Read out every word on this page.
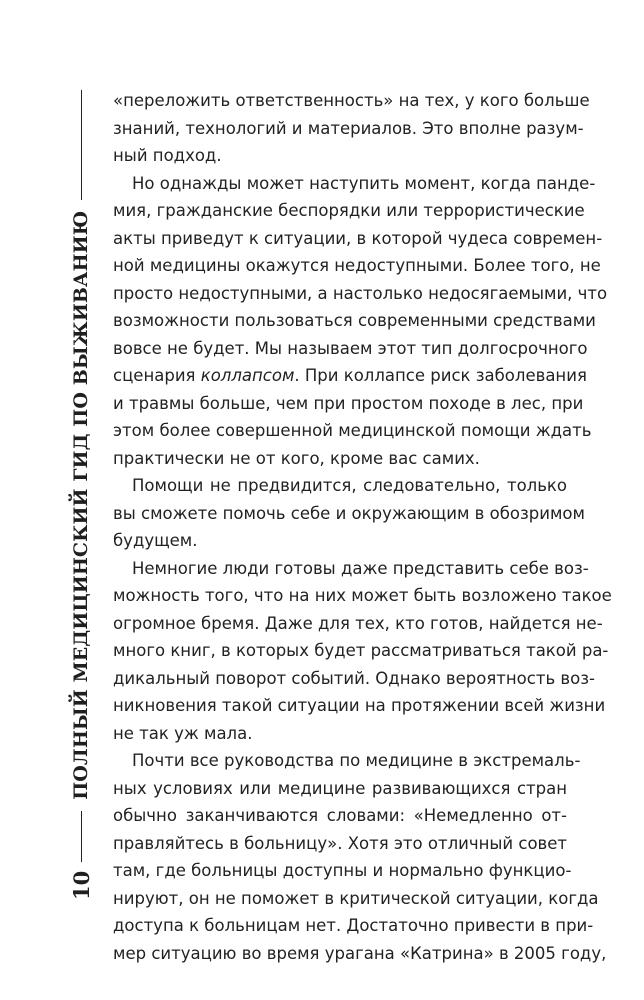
10
ПОЛНЫЙ МЕДИЦИНСКИЙ ГИД ПО ВЫЖИВАНИЮ
«переложить ответственность» на тех, у кого больше
знаний, технологий и материалов. Это вполне разум-
ный подход.
Но однажды может наступить момент, когда панде-
мия, гражданские беспорядки или террористические
акты приведут к ситуации, в которой чудеса современ-
ной медицины окажутся недоступными. Более того, не
просто недоступными, а настолько недосягаемыми, что
возможности пользоваться современными средствами
вовсе не будет. Мы называем этот тип долгосрочного
сценария коллапсом. При коллапсе риск заболевания
и травмы больше, чем при простом походе в лес, при
этом более совершенной медицинской помощи ждать
практически не от кого, кроме вас самих.
Помощи не предвидится, следовательно, только
вы сможете помочь себе и окружающим в обозримом
будущем.
Немногие люди готовы даже представить себе воз-
можность того, что на них может быть возложено такое
огромное бремя. Даже для тех, кто готов, найдется не-
много книг, в которых будет рассматриваться такой ра-
дикальный поворот событий. Однако вероятность воз-
никновения такой ситуации на протяжении всей жизни
не так уж мала.
Почти все руководства по медицине в экстремаль-
ных условиях или медицине развивающихся стран
обычно заканчиваются словами: «Немедленно от-
правляйтесь в больницу». Хотя это отличный совет
там, где больницы доступны и нормально функцио-
нируют, он не поможет в критической ситуации, когда
доступа к больницам нет. Достаточно привести в при-
мер ситуацию во время урагана «Катрина» в 2005 году,
